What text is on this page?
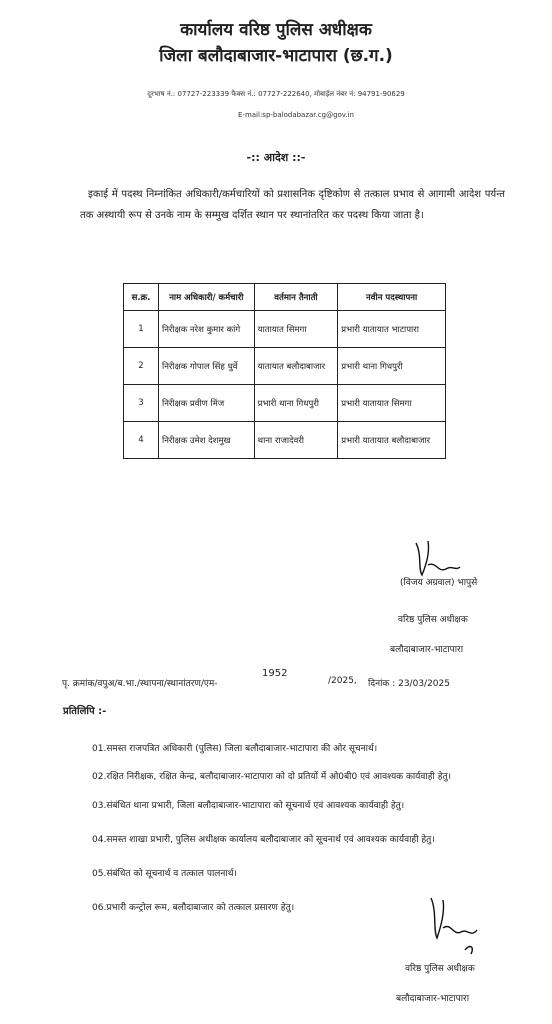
कार्यालय वरिष्ठ पुलिस अधीक्षक
जिला बलौदाबाजार-भाटापारा (छ.ग.)
दूरभाष नं.: 07727-223339 फैक्स नं.: 07727-222640, मोबाईल नंबर नं: 94791-90629
E-mail:sp-balodabazar.cg@gov.in
-:: आदेश ::-
इकाई में पदस्थ निम्नांकित अधिकारी/कर्मचारियों को प्रशासनिक दृष्टिकोण से तत्काल प्रभाव से आगामी आदेश पर्यन्त तक अस्थायी रूप से उनके नाम के सम्मुख दर्शित स्थान पर स्थानांतरित कर पदस्थ किया जाता है।
स.क्र.	नाम अधिकारी/ कर्मचारी	वर्तमान तैनाती	नवीन पदस्थापना
1	निरीक्षक नरेश कुमार कांगे	यातायात सिमगा	प्रभारी यातायात भाटापारा
2	निरीक्षक गोपाल सिंह धुर्वे	यातायात बलौदाबाजार	प्रभारी थाना गिधपुरी
3	निरीक्षक प्रवीण मिंज	प्रभारी थाना गिधपुरी	प्रभारी यातायात सिमगा
4	निरीक्षक उमेश देशमुख	थाना राजादेवरी	प्रभारी यातायात बलौदाबाजार
(विजय अग्रवाल) भापुसे
वरिष्ठ पुलिस अधीक्षक
बलौदाबाजार-भाटापारा
पृ. क्रमांक/वपुअ/ब.भा./स्थापना/स्थानांतरण/एम-
1952
/2025, दिनांक : 23/03/2025
प्रतिलिपि :-
01.समस्त राजपत्रित अधिकारी (पुलिस) जिला बलौदाबाजार-भाटापारा की ओर सूचनार्थ।
02.रक्षित निरीक्षक, रक्षित केन्द्र, बलौदाबाजार-भाटापारा को दो प्रतियों में ओ0बी0 एवं आवश्यक कार्यवाही हेतु।
03.संबंधित थाना प्रभारी, जिला बलौदाबाजार-भाटापारा को सूचनार्थ एवं आवश्यक कार्यवाही हेतु।
04.समस्त शाखा प्रभारी, पुलिस अधीक्षक कार्यालय बलौदाबाजार को सूचनार्थ एवं आवश्यक कार्यवाही हेतु।
05.संबंधित को सूचनार्थ व तत्काल पालनार्थ।
06.प्रभारी कन्ट्रोल रूम, बलौदाबाजार को तत्काल प्रसारण हेतु।
वरिष्ठ पुलिस अधीक्षक
बलौदाबाजार-भाटापारा
